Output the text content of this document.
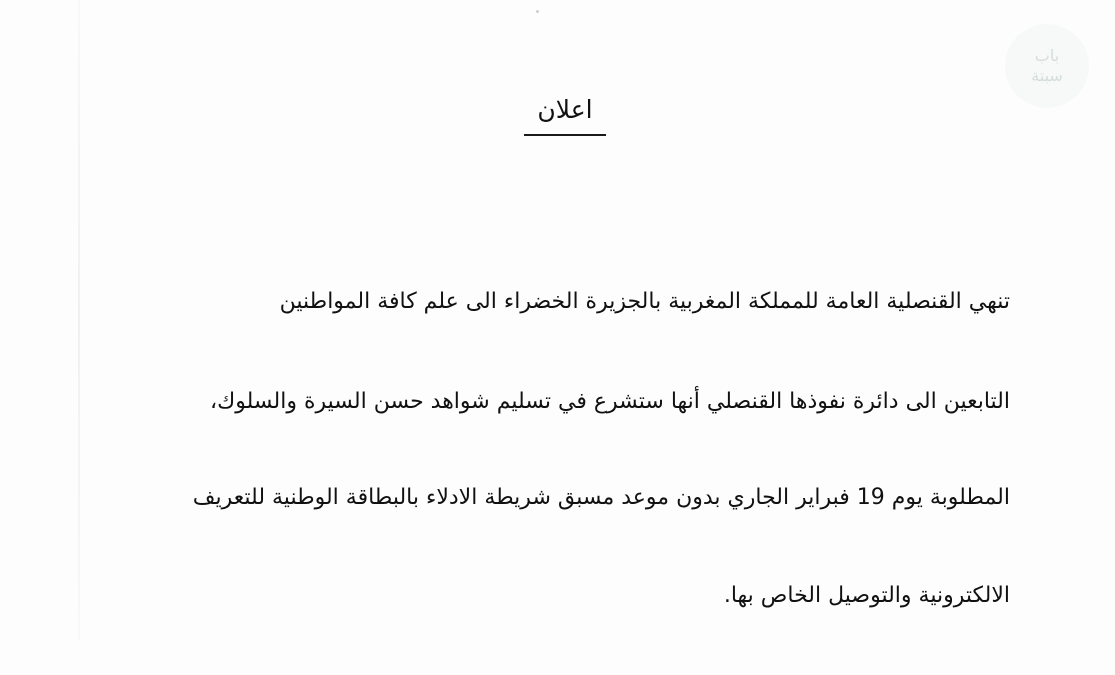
اعلان
تنهي القنصلية العامة للمملكة المغربية بالجزيرة الخضراء الى علم كافة المواطنين
التابعين الى دائرة نفوذها القنصلي أنها ستشرع في تسليم شواهد حسن السيرة والسلوك،
المطلوبة يوم 19 فبراير الجاري بدون موعد مسبق شريطة الادلاء بالبطاقة الوطنية للتعريف
الالكترونية والتوصيل الخاص بها.
باب
سبتة
